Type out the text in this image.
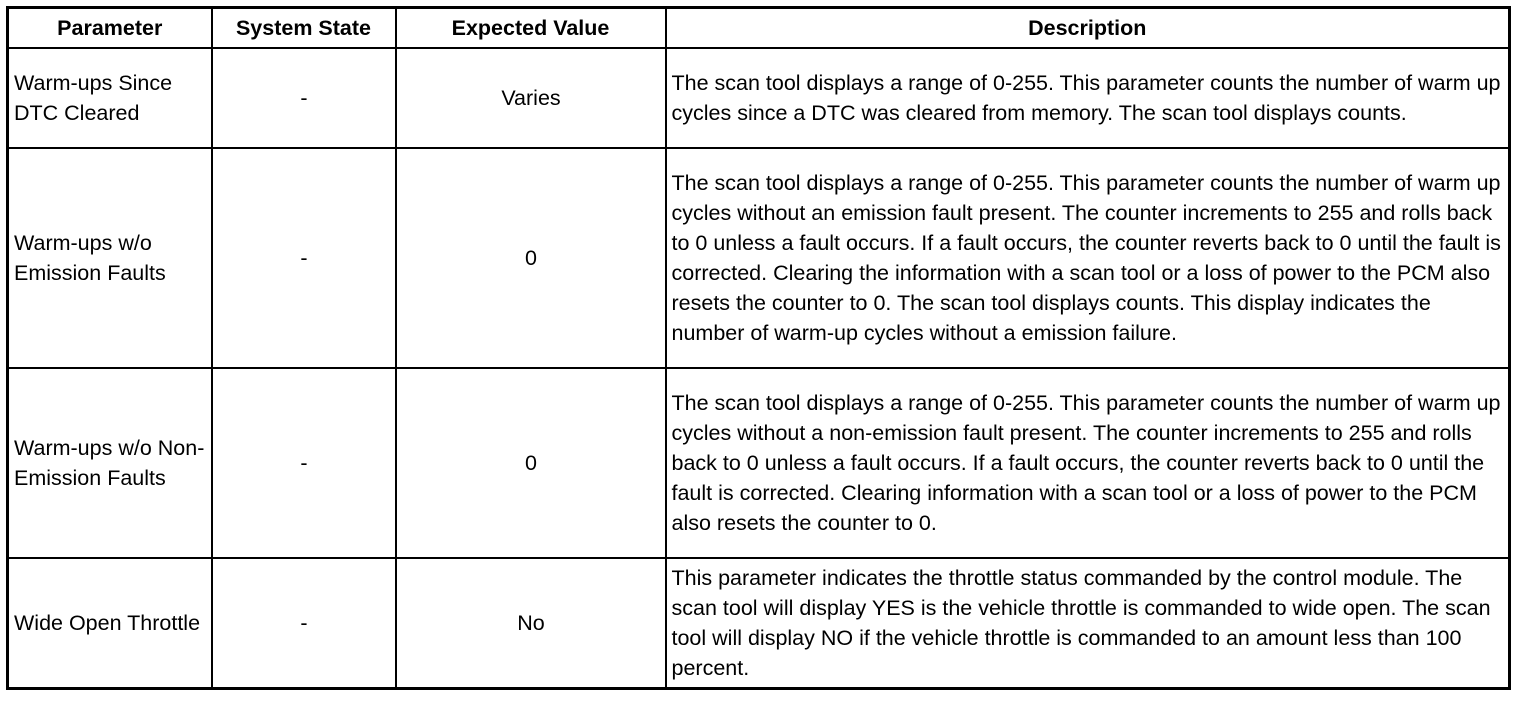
Parameter	System State	Expected Value	Description
Warm-ups Since DTC Cleared	-	Varies	The scan tool displays a range of 0-255. This parameter counts the number of warm up cycles since a DTC was cleared from memory. The scan tool displays counts.
Warm-ups w/o Emission Faults	-	0	The scan tool displays a range of 0-255. This parameter counts the number of warm up cycles without an emission fault present. The counter increments to 255 and rolls back to 0 unless a fault occurs. If a fault occurs, the counter reverts back to 0 until the fault is corrected. Clearing the information with a scan tool or a loss of power to the PCM also resets the counter to 0. The scan tool displays counts. This display indicates the number of warm-up cycles without a emission failure.
Warm-ups w/o Non-Emission Faults	-	0	The scan tool displays a range of 0-255. This parameter counts the number of warm up cycles without a non-emission fault present. The counter increments to 255 and rolls back to 0 unless a fault occurs. If a fault occurs, the counter reverts back to 0 until the fault is corrected. Clearing information with a scan tool or a loss of power to the PCM also resets the counter to 0.
Wide Open Throttle	-	No	This parameter indicates the throttle status commanded by the control module. The scan tool will display YES is the vehicle throttle is commanded to wide open. The scan tool will display NO if the vehicle throttle is commanded to an amount less than 100 percent.
